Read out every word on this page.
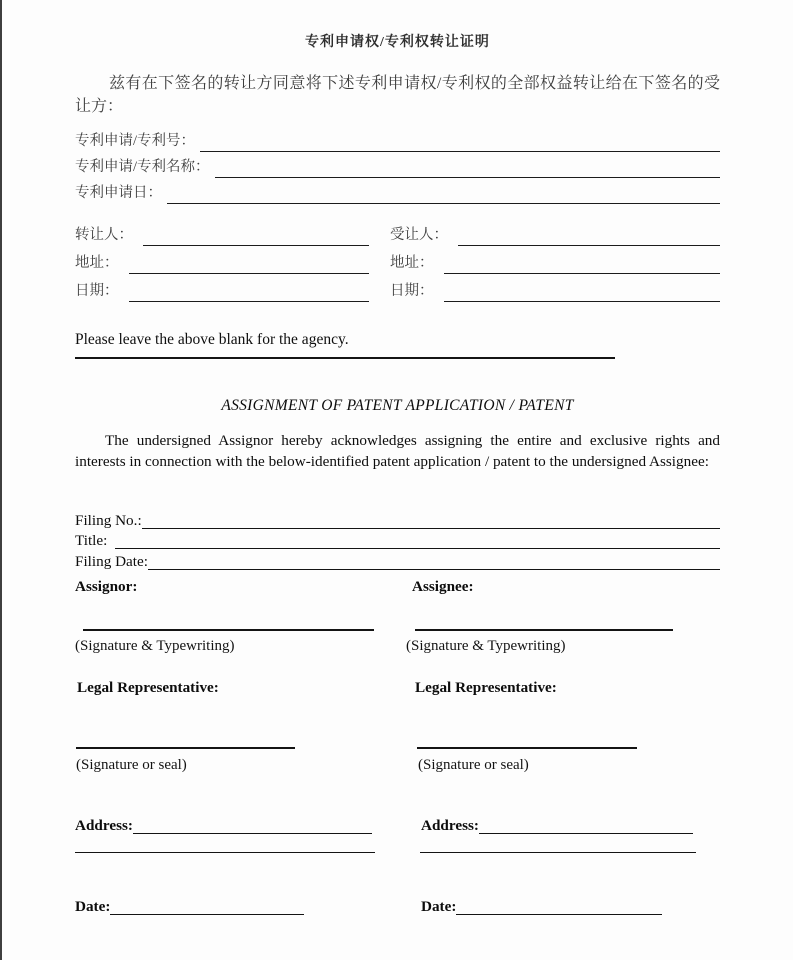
专利申请权/专利权转让证明

兹有在下签名的转让方同意将下述专利申请权/专利权的全部权益转让给在下签名的受让方：

专利申请/专利号：
专利申请/专利名称：
专利申请日：
转让人：	受让人：
地址：	地址：
日期：	日期：
Please leave the above blank for the agency.
ASSIGNMENT OF PATENT APPLICATION / PATENT

The undersigned Assignor hereby acknowledges assigning the entire and exclusive rights and interests in connection with the below-identified patent application / patent to the undersigned Assignee:

Filing No.:
Title:
Filing Date:
Assignor:	Assignee:
(Signature & Typewriting)	(Signature & Typewriting)
Legal Representative:	Legal Representative:
(Signature or seal)	(Signature or seal)
Address:	Address:
Date:	Date:
